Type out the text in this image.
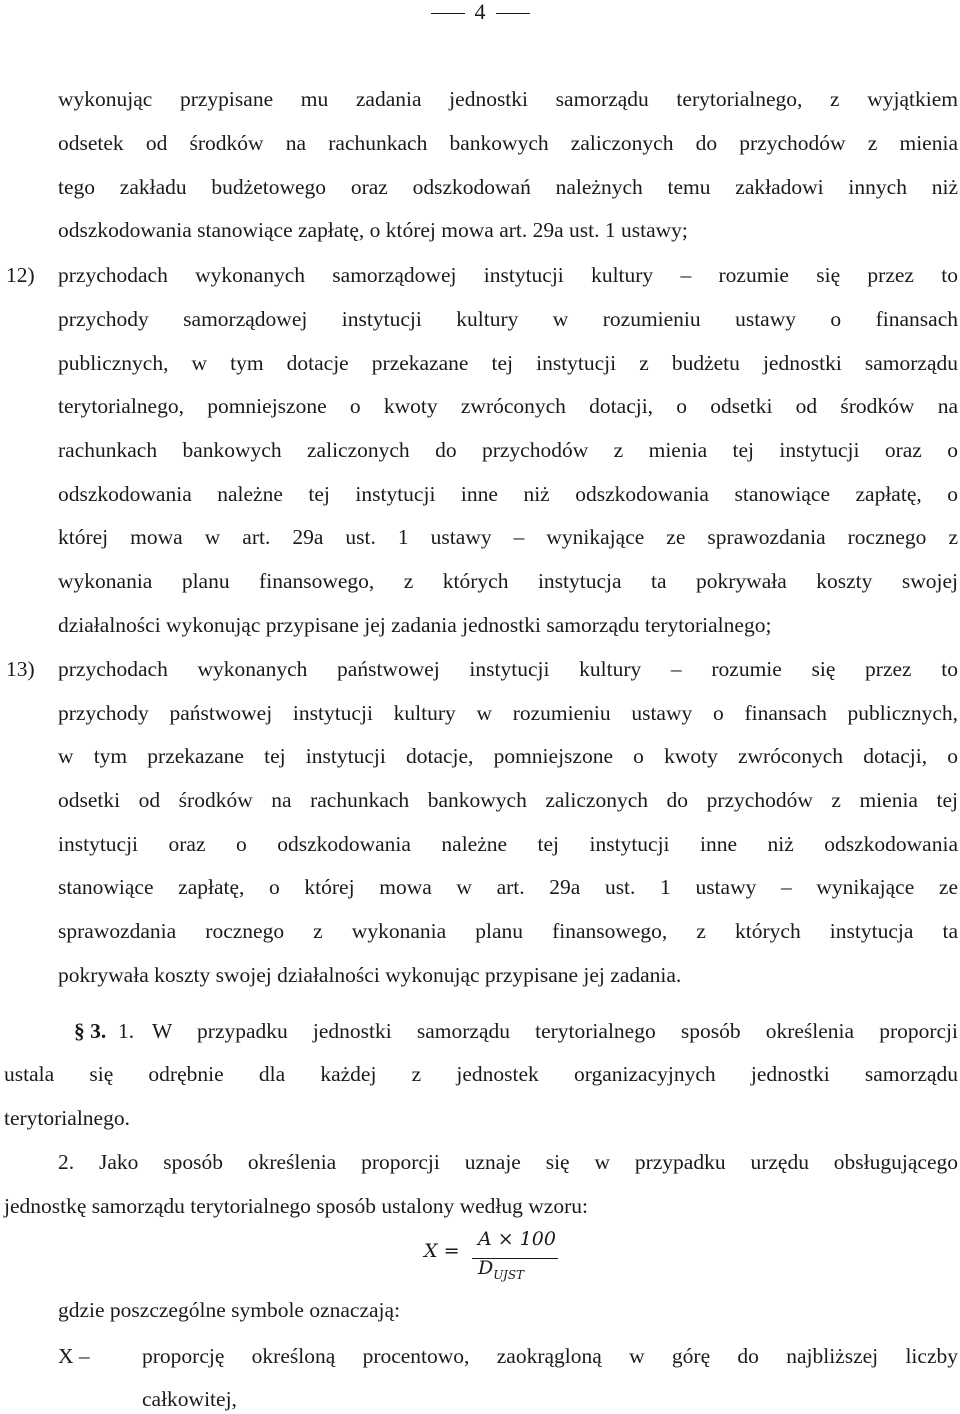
4
wykonując przypisane mu zadania jednostki samorządu terytorialnego, z wyjątkiem
odsetek od środków na rachunkach bankowych zaliczonych do przychodów z mienia
tego zakładu budżetowego oraz odszkodowań należnych temu zakładowi innych niż
odszkodowania stanowiące zapłatę, o której mowa art. 29a ust. 1 ustawy;
12) przychodach wykonanych samorządowej instytucji kultury – rozumie się przez to
przychody samorządowej instytucji kultury w rozumieniu ustawy o finansach
publicznych, w tym dotacje przekazane tej instytucji z budżetu jednostki samorządu
terytorialnego, pomniejszone o kwoty zwróconych dotacji, o odsetki od środków na
rachunkach bankowych zaliczonych do przychodów z mienia tej instytucji oraz o
odszkodowania należne tej instytucji inne niż odszkodowania stanowiące zapłatę, o
której mowa w art. 29a ust. 1 ustawy – wynikające ze sprawozdania rocznego z
wykonania planu finansowego, z których instytucja ta pokrywała koszty swojej
działalności wykonując przypisane jej zadania jednostki samorządu terytorialnego;
13) przychodach wykonanych państwowej instytucji kultury – rozumie się przez to
przychody państwowej instytucji kultury w rozumieniu ustawy o finansach publicznych,
w tym przekazane tej instytucji dotacje, pomniejszone o kwoty zwróconych dotacji, o
odsetki od środków na rachunkach bankowych zaliczonych do przychodów z mienia tej
instytucji oraz o odszkodowania należne tej instytucji inne niż odszkodowania
stanowiące zapłatę, o której mowa w art. 29a ust. 1 ustawy – wynikające ze
sprawozdania rocznego z wykonania planu finansowego, z których instytucja ta
pokrywała koszty swojej działalności wykonując przypisane jej zadania.
§ 3. 1. W przypadku jednostki samorządu terytorialnego sposób określenia proporcji
ustala się odrębnie dla każdej z jednostek organizacyjnych jednostki samorządu
terytorialnego.
2. Jako sposób określenia proporcji uznaje się w przypadku urzędu obsługującego
jednostkę samorządu terytorialnego sposób ustalony według wzoru:
X =
A × 100
$D_{UJST}$
gdzie poszczególne symbole oznaczają:
X – proporcję określoną procentowo, zaokrągloną w górę do najbliższej liczby
całkowitej,
